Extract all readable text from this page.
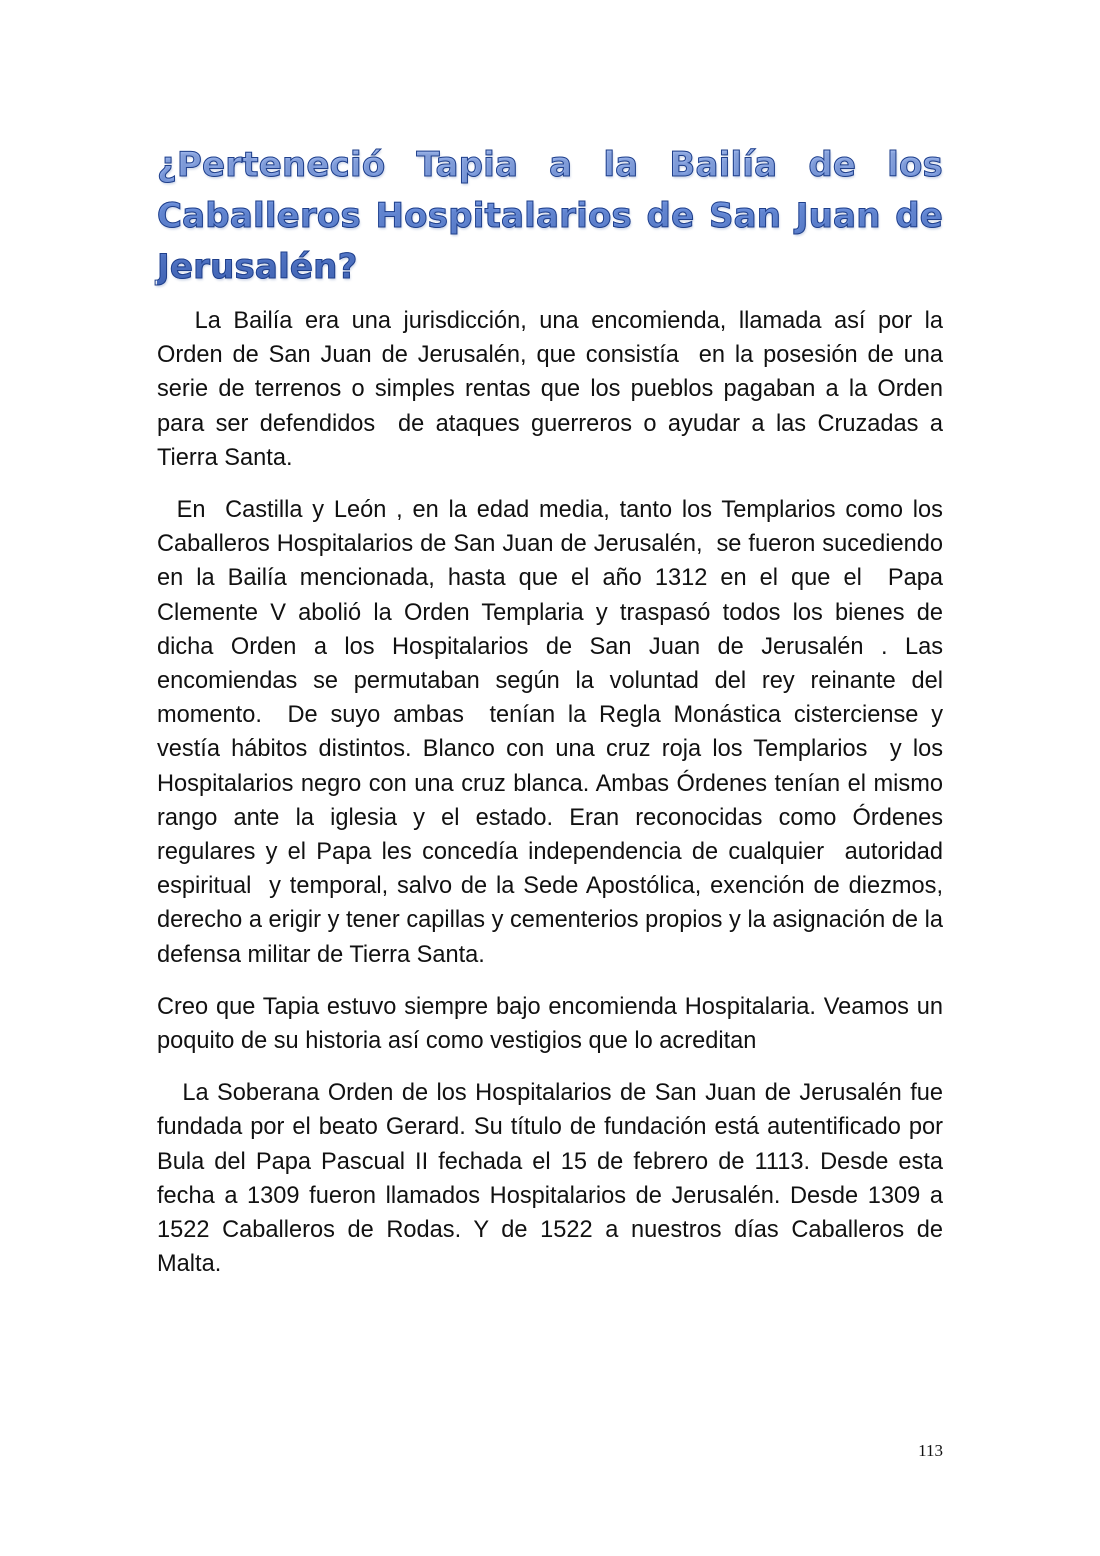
¿Perteneció Tapia a la Bailía de los Caballeros Hospitalarios de San Juan de Jerusalén?

La Bailía era una jurisdicción, una encomienda, llamada así por la  Orden de San Juan de Jerusalén, que consistía  en la posesión de una serie de terrenos o simples rentas que los pueblos pagaban a la Orden para ser defendidos  de ataques guerreros o ayudar a las Cruzadas a Tierra Santa.

En  Castilla y León , en la edad media, tanto los Templarios como los Caballeros Hospitalarios de San Juan de Jerusalén,  se fueron sucediendo en la Bailía mencionada, hasta que el año 1312 en el que el  Papa Clemente V abolió la Orden Templaria y traspasó todos los bienes de dicha Orden a los Hospitalarios de San Juan de Jerusalén . Las encomiendas se permutaban según la voluntad del rey reinante del momento.  De suyo ambas  tenían la Regla Monástica cisterciense y vestía hábitos distintos. Blanco con una cruz roja los Templarios  y los Hospitalarios negro con una cruz blanca. Ambas Órdenes tenían el mismo rango ante la iglesia y el estado. Eran reconocidas como Órdenes regulares y el Papa les concedía independencia de cualquier  autoridad espiritual  y temporal, salvo de la Sede Apostólica, exención de diezmos, derecho a erigir y tener capillas y cementerios propios y la asignación de la defensa militar de Tierra Santa.

Creo que Tapia estuvo siempre bajo encomienda Hospitalaria. Veamos un poquito de su historia así como vestigios que lo acreditan

La Soberana Orden de los Hospitalarios de San Juan de Jerusalén fue fundada por el beato Gerard. Su título de fundación está autentificado por Bula del Papa Pascual II fechada el 15 de febrero de 1113. Desde esta fecha a 1309 fueron llamados Hospitalarios de Jerusalén. Desde 1309 a 1522 Caballeros de Rodas. Y de 1522 a nuestros días Caballeros de Malta.

113
